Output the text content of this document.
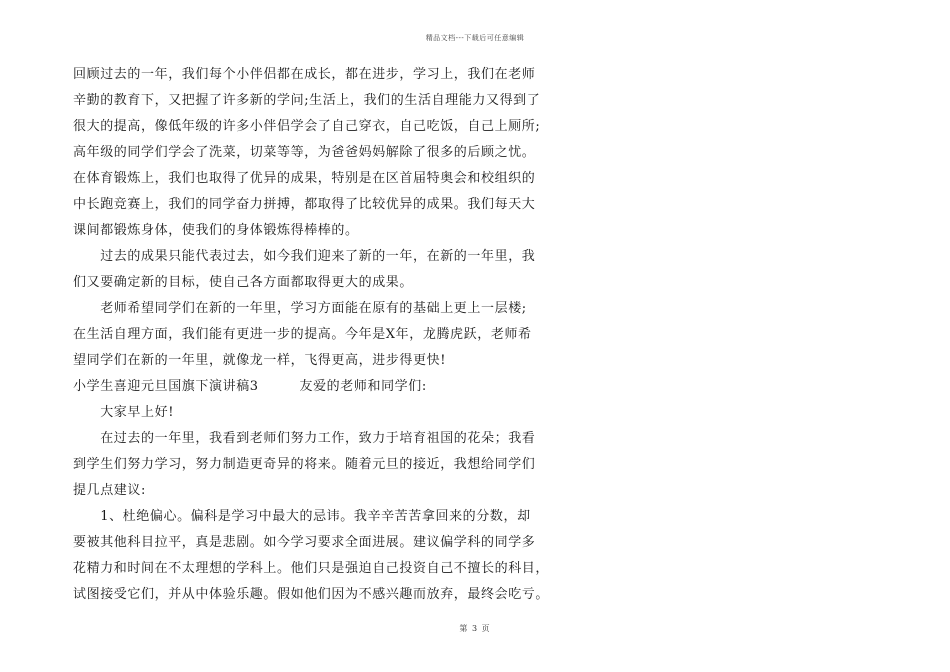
精品文档---下载后可任意编辑
回顾过去的一年，我们每个小伴侣都在成长，都在进步，学习上，我们在老师
辛勤的教育下，又把握了许多新的学问;生活上，我们的生活自理能力又得到了
很大的提高，像低年级的许多小伴侣学会了自己穿衣，自己吃饭，自己上厕所;
高年级的同学们学会了洗菜，切菜等等，为爸爸妈妈解除了很多的后顾之忧。
在体育锻炼上，我们也取得了优异的成果，特别是在区首届特奥会和校组织的
中长跑竞赛上，我们的同学奋力拼搏，都取得了比较优异的成果。我们每天大
课间都锻炼身体，使我们的身体锻炼得棒棒的。
　　过去的成果只能代表过去，如今我们迎来了新的一年，在新的一年里，我
们又要确定新的目标，使自己各方面都取得更大的成果。
　　老师希望同学们在新的一年里，学习方面能在原有的基础上更上一层楼;
在生活自理方面，我们能有更进一步的提高。今年是X年，龙腾虎跃，老师希
望同学们在新的一年里，就像龙一样，飞得更高，进步得更快!
小学生喜迎元旦国旗下演讲稿3　　　友爱的老师和同学们:
　　大家早上好!
　　在过去的一年里，我看到老师们努力工作，致力于培育祖国的花朵；我看
到学生们努力学习，努力制造更奇异的将来。随着元旦的接近，我想给同学们
提几点建议:
　　1、杜绝偏心。偏科是学习中最大的忌讳。我辛辛苦苦拿回来的分数，却
要被其他科目拉平，真是悲剧。如今学习要求全面进展。建议偏学科的同学多
花精力和时间在不太理想的学科上。他们只是强迫自己投资自己不擅长的科目，
试图接受它们，并从中体验乐趣。假如他们因为不感兴趣而放弃，最终会吃亏。
第 3 页
